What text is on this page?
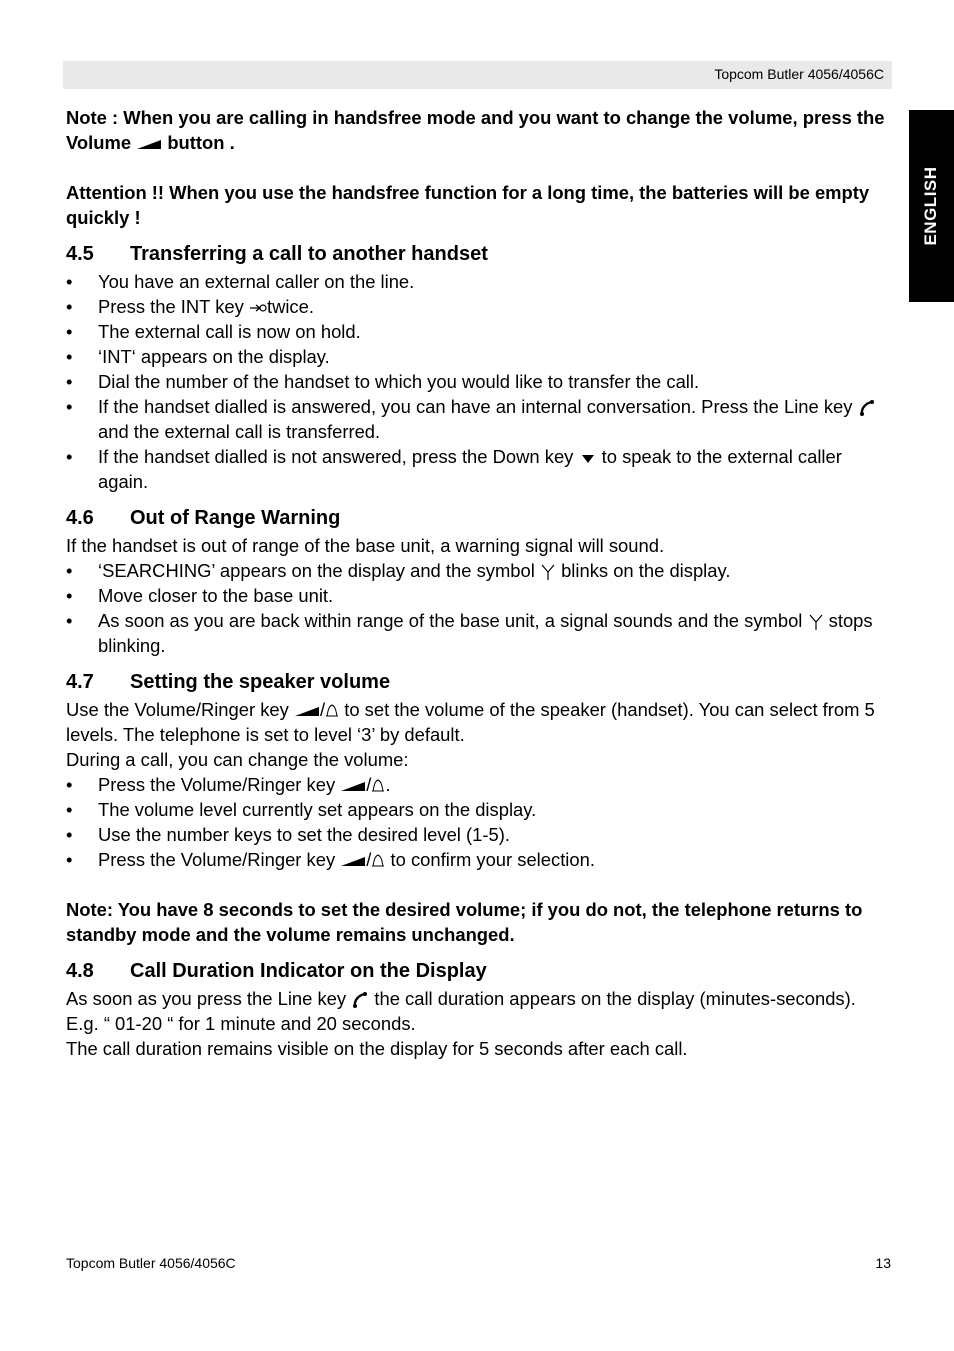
Topcom Butler 4056/4056C
ENGLISH

Note : When you are calling in handsfree mode and you want to change the volume, press the Volume button .

Attention !! When you use the handsfree function for a long time, the batteries will be empty quickly !

4.5 Transferring a call to another handset
• You have an external caller on the line.
• Press the INT key twice.
• The external call is now on hold.
• ‘INT‘ appears on the display.
• Dial the number of the handset to which you would like to transfer the call.
• If the handset dialled is answered, you can have an internal conversation. Press the Line key  and the external call is transferred.
• If the handset dialled is not answered, press the Down key to speak to the external caller again.
4.6 Out of Range Warning

If the handset is out of range of the base unit, a warning signal will sound.

• ‘SEARCHING’ appears on the display and the symbol blinks on the display.
• Move closer to the base unit.
• As soon as you are back within range of the base unit, a signal sounds and the symbol stops blinking.
4.7 Setting the speaker volume

Use the Volume/Ringer key / to set the volume of the speaker (handset). You can select from 5 levels. The telephone is set to level ‘3’ by default.

During a call, you can change the volume:

• Press the Volume/Ringer key / .
• The volume level currently set appears on the display.
• Use the number keys to set the desired level (1-5).
• Press the Volume/Ringer key / to confirm your selection.

Note: You have 8 seconds to set the desired volume; if you do not, the telephone returns to standby mode and the volume remains unchanged.

4.8 Call Duration Indicator on the Display

As soon as you press the Line key the call duration appears on the display (minutes-seconds).

E.g. “ 01-20 “ for 1 minute and 20 seconds.

The call duration remains visible on the display for 5 seconds after each call.

Topcom Butler 4056/4056C	13
